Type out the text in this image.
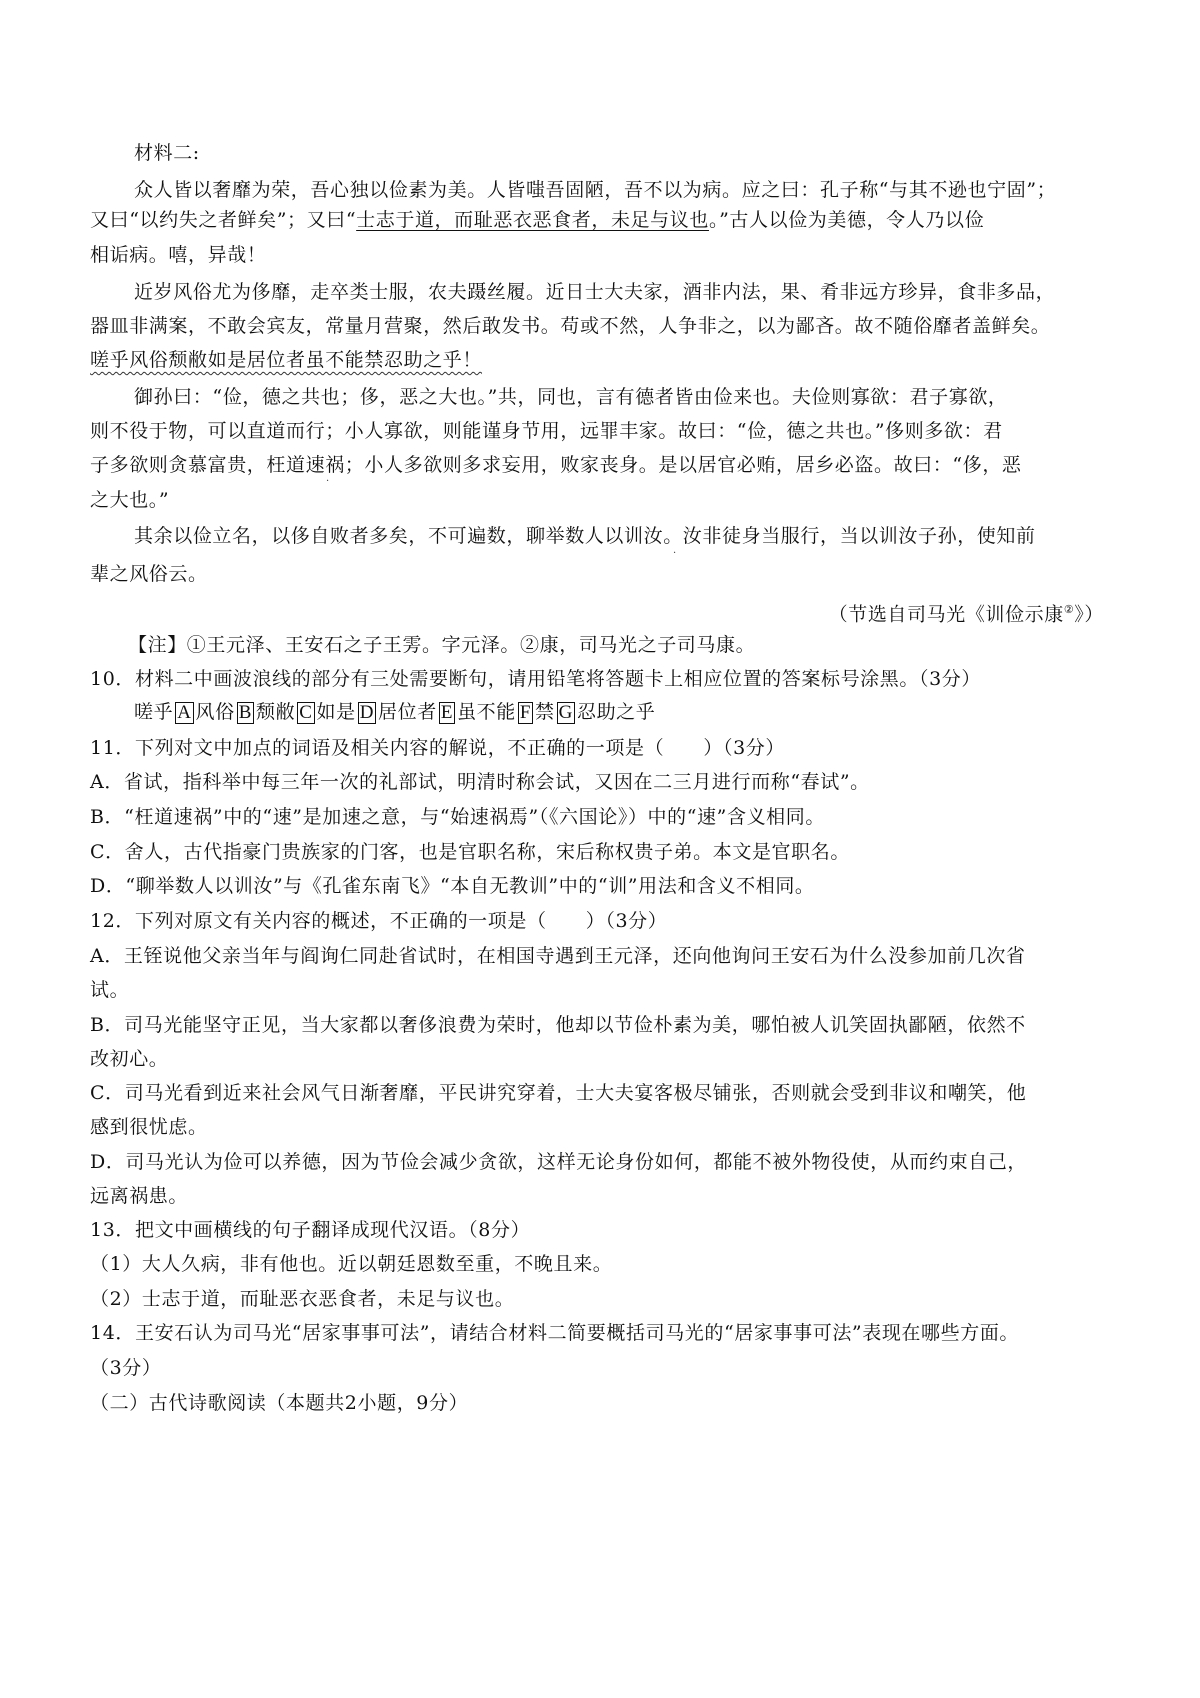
材料二:
众人皆以奢靡为荣，吾心独以俭素为美。人皆嗤吾固陋，吾不以为病。应之曰：孔子称“与其不逊也宁固”；
又曰“以约失之者鲜矣”；又曰“士志于道，而耻恶衣恶食者，未足与议也。”古人以俭为美德，令人乃以俭
相诟病。嘻，异哉！
近岁风俗尤为侈靡，走卒类士服，农夫蹑丝履。近日士大夫家，酒非内法，果、肴非远方珍异，食非多品，
器皿非满案，不敢会宾友，常量月营聚，然后敢发书。苟或不然，人争非之，以为鄙吝。故不随俗靡者盖鲜矣。
嗟乎风俗颓敝如是居位者虽不能禁忍助之乎！
御孙曰：“俭，德之共也；侈，恶之大也。”共，同也，言有德者皆由俭来也。夫俭则寡欲：君子寡欲，
则不役于物，可以直道而行；小人寡欲，则能谨身节用，远罪丰家。故曰：“俭，德之共也。”侈则多欲：君
子多欲则贪慕富贵，枉道速祸；小人多欲则多求妄用，败家丧身。是以居官必贿，居乡必盗。故曰：“侈，恶
·
之大也。”
其余以俭立名，以侈自败者多矣，不可遍数，聊举数人以训汝。汝非徒身当服行，当以训汝子孙，使知前
·
辈之风俗云。
（节选自司马光《训俭示康②》）
【注】①王元泽、王安石之子王雱。字元泽。②康，司马光之子司马康。
10．材料二中画波浪线的部分有三处需要断句，请用铅笔将答题卡上相应位置的答案标号涂黑。（3分）
嗟乎 A 风俗 B 颓敝 C 如是 D 居位者 E 虽不能 F 禁 G 忍助之乎
11．下列对文中加点的词语及相关内容的解说，不正确的一项是（　　）（3分）
A．省试，指科举中每三年一次的礼部试，明清时称会试，又因在二三月进行而称“春试”。
B．“枉道速祸”中的“速”是加速之意，与“始速祸焉”（《六国论》）中的“速”含义相同。
C．舍人，古代指豪门贵族家的门客，也是官职名称，宋后称权贵子弟。本文是官职名。
D．“聊举数人以训汝”与《孔雀东南飞》“本自无教训”中的“训”用法和含义不相同。
12．下列对原文有关内容的概述，不正确的一项是（　　）（3分）
A．王铚说他父亲当年与阎询仁同赴省试时，在相国寺遇到王元泽，还向他询问王安石为什么没参加前几次省
试。
B．司马光能坚守正见，当大家都以奢侈浪费为荣时，他却以节俭朴素为美，哪怕被人讥笑固执鄙陋，依然不
改初心。
C．司马光看到近来社会风气日渐奢靡，平民讲究穿着，士大夫宴客极尽铺张，否则就会受到非议和嘲笑，他
感到很忧虑。
D．司马光认为俭可以养德，因为节俭会减少贪欲，这样无论身份如何，都能不被外物役使，从而约束自己，
远离祸患。
13．把文中画横线的句子翻译成现代汉语。（8分）
（1）大人久病，非有他也。近以朝廷恩数至重，不晚且来。
（2）士志于道，而耻恶衣恶食者，未足与议也。
14．王安石认为司马光“居家事事可法”，请结合材料二简要概括司马光的“居家事事可法”表现在哪些方面。
（3分）
（二）古代诗歌阅读（本题共2小题，9分）
